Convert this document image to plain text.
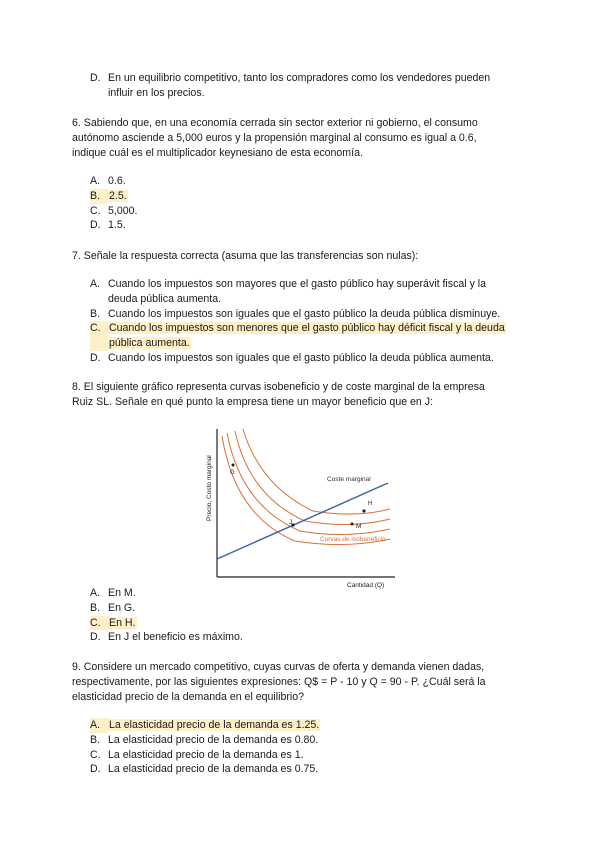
D. En un equilibrio competitivo, tanto los compradores como los vendedores pueden
influir en los precios.
6. Sabiendo que, en una economía cerrada sin sector exterior ni gobierno, el consumo
autónomo asciende a 5,000 euros y la propensión marginal al consumo es igual a 0.6,
indique cuál es el multiplicador keynesiano de esta economía.
A. 0.6.
B. 2.5.
C. 5,000.
D. 1.5.
7. Señale la respuesta correcta (asuma que las transferencias son nulas):
A. Cuando los impuestos son mayores que el gasto público hay superávit fiscal y la
deuda pública aumenta.
B. Cuando los impuestos son iguales que el gasto público la deuda pública disminuye.
C. Cuando los impuestos son menores que el gasto público hay déficit fiscal y la deuda
pública aumenta.
D. Cuando los impuestos son iguales que el gasto público la deuda pública aumenta.
8. El siguiente gráfico representa curvas isobeneficio y de coste marginal de la empresa
Ruiz SL. Señale en qué punto la empresa tiene un mayor beneficio que en J:
Precio, Costo marginal
Cantidad (Q)
Coste marginal
Curvas de isobeneficio
G
J
H
M
A. En M.
B. En G.
C. En H.
D. En J el beneficio es máximo.
9. Considere un mercado competitivo, cuyas curvas de oferta y demanda vienen dadas,
respectivamente, por las siguientes expresiones: Q$ = P - 10 y Q = 90 - P. ¿Cuál será la
elasticidad precio de la demanda en el equilibrio?
A. La elasticidad precio de la demanda es 1.25.
B. La elasticidad precio de la demanda es 0.80.
C. La elasticidad precio de la demanda es 1.
D. La elasticidad precio de la demanda es 0.75.
